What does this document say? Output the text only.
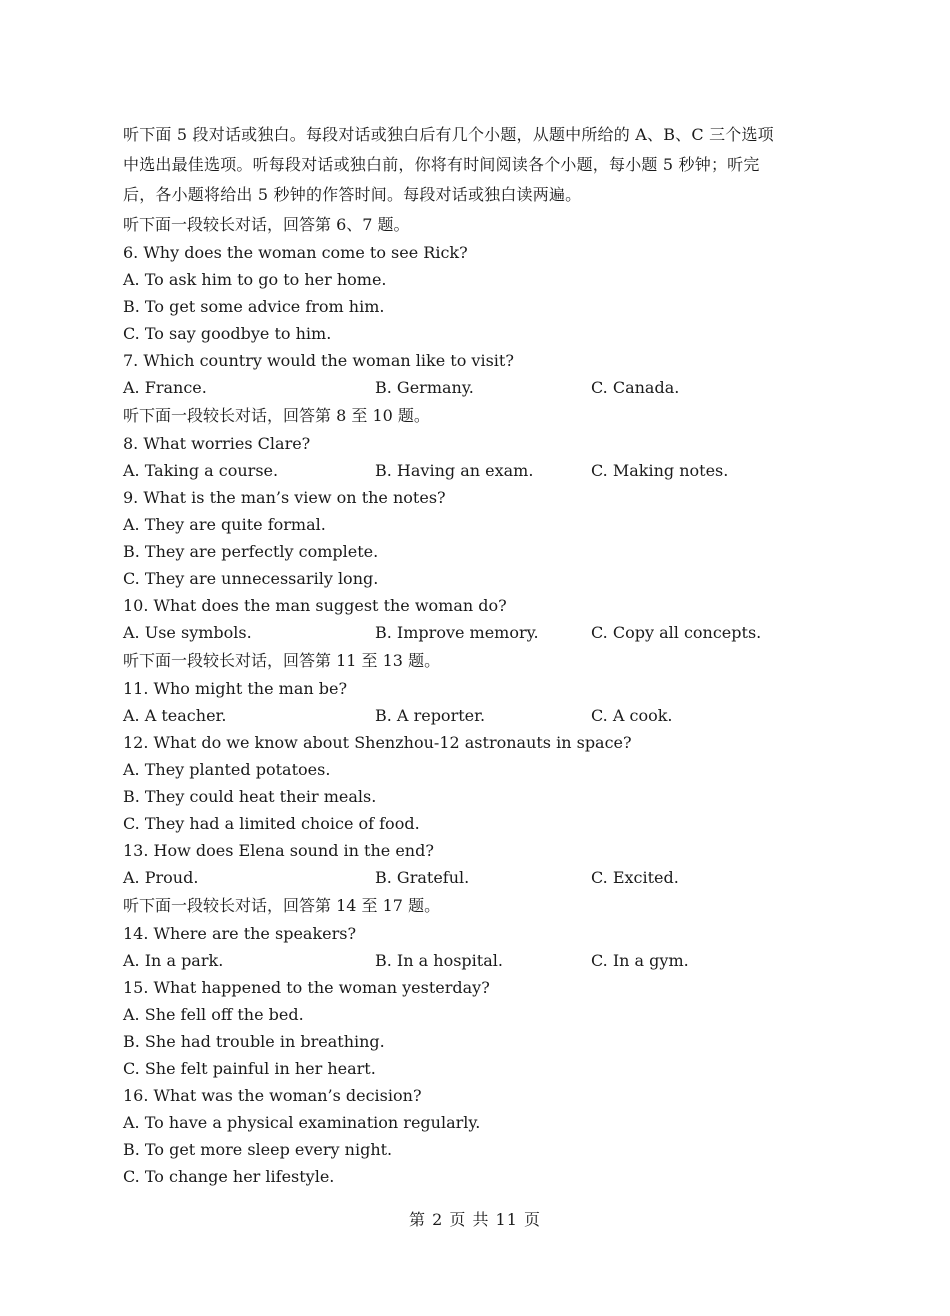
听下面 5 段对话或独白。每段对话或独白后有几个小题，从题中所给的 A、B、C 三个选项
中选出最佳选项。听每段对话或独白前，你将有时间阅读各个小题，每小题 5 秒钟；听完
后，各小题将给出 5 秒钟的作答时间。每段对话或独白读两遍。
听下面一段较长对话，回答第 6、7 题。
6. Why does the woman come to see Rick?
A. To ask him to go to her home.
B. To get some advice from him.
C. To say goodbye to him.
7. Which country would the woman like to visit?
A. France.	B. Germany.	C. Canada.
听下面一段较长对话，回答第 8 至 10 题。
8. What worries Clare?
A. Taking a course.	B. Having an exam.	C. Making notes.
9. What is the man’s view on the notes?
A. They are quite formal.
B. They are perfectly complete.
C. They are unnecessarily long.
10. What does the man suggest the woman do?
A. Use symbols.	B. Improve memory.	C. Copy all concepts.
听下面一段较长对话，回答第 11 至 13 题。
11. Who might the man be?
A. A teacher.	B. A reporter.	C. A cook.
12. What do we know about Shenzhou-12 astronauts in space?
A. They planted potatoes.
B. They could heat their meals.
C. They had a limited choice of food.
13. How does Elena sound in the end?
A. Proud.	B. Grateful.	C. Excited.
听下面一段较长对话，回答第 14 至 17 题。
14. Where are the speakers?
A. In a park.	B. In a hospital.	C. In a gym.
15. What happened to the woman yesterday?
A. She fell off the bed.
B. She had trouble in breathing.
C. She felt painful in her heart.
16. What was the woman’s decision?
A. To have a physical examination regularly.
B. To get more sleep every night.
C. To change her lifestyle.
第 2 页 共 11 页
